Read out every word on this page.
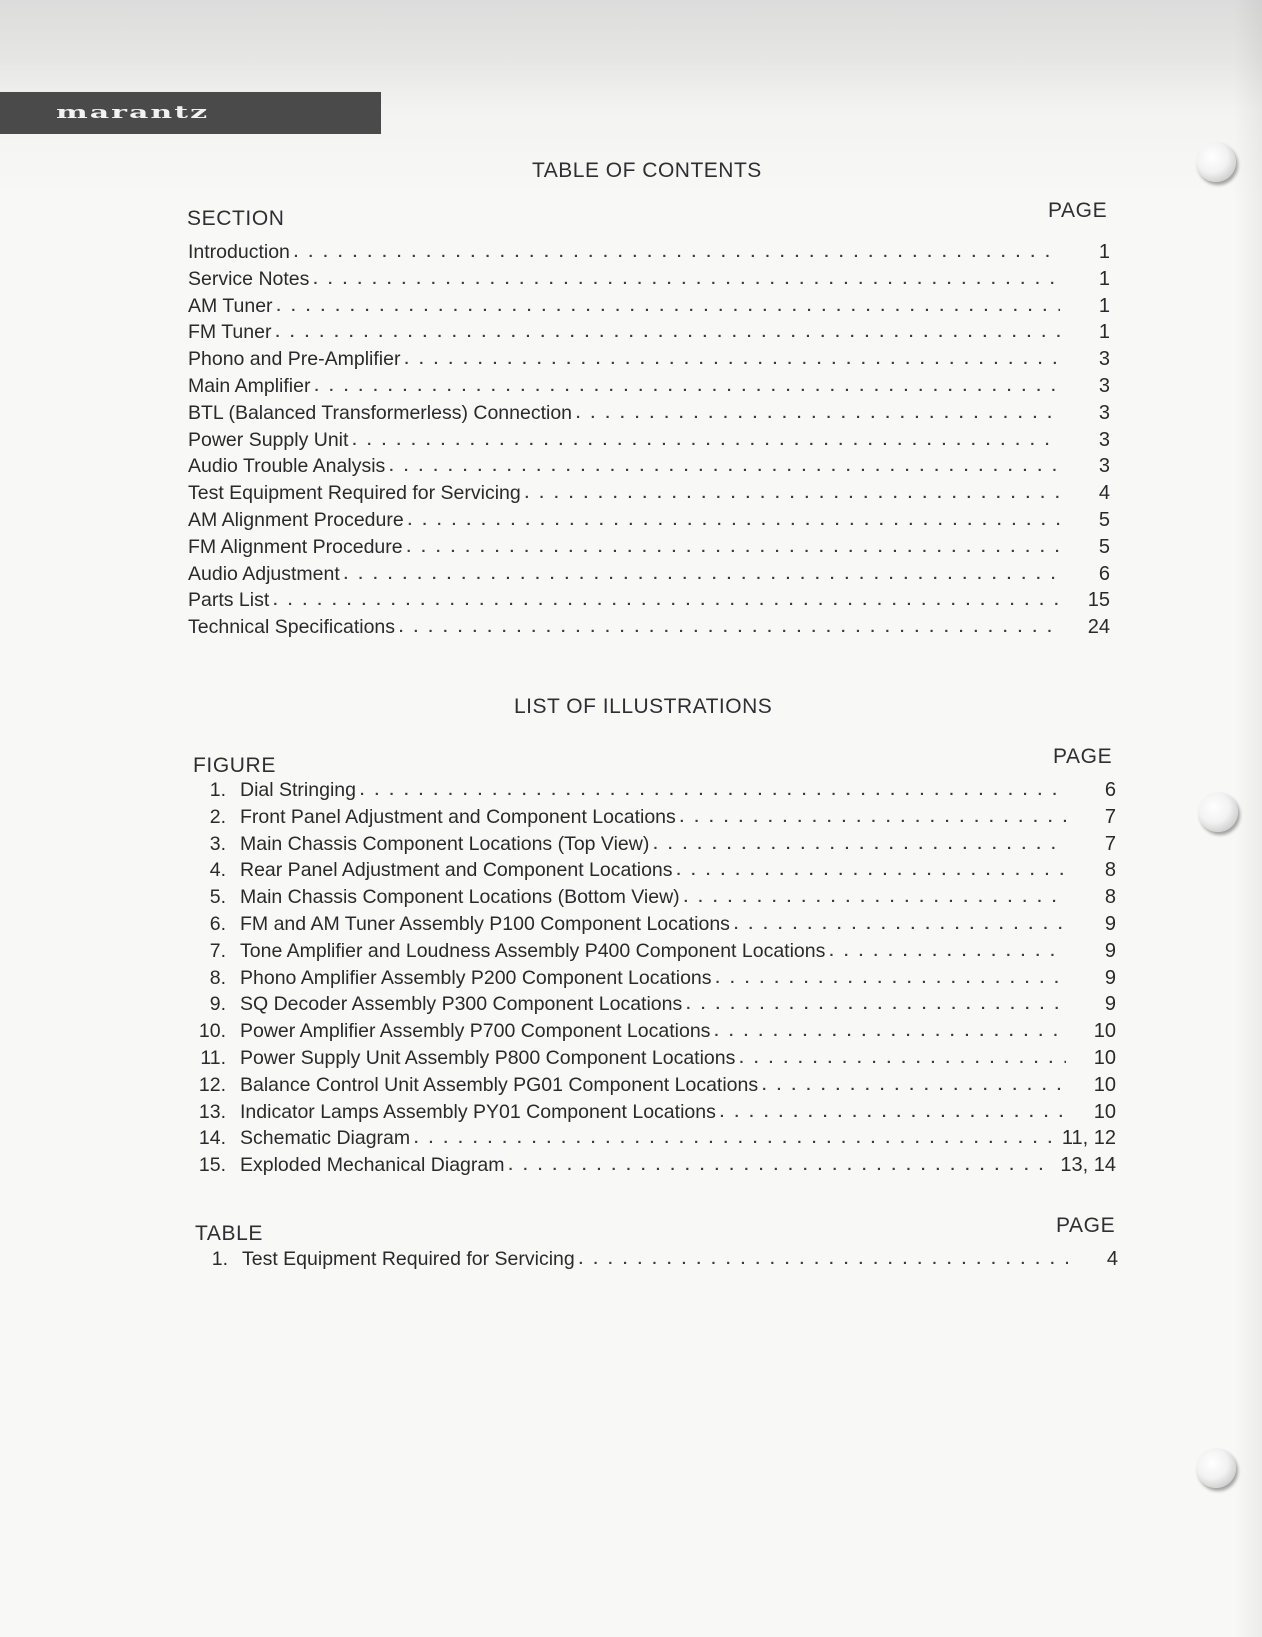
marantz
TABLE OF CONTENTS
SECTION	PAGE
Introduction . . .	1
Service Notes . . .	1
AM Tuner . . .	1
FM Tuner . . .	1
Phono and Pre-Amplifier . . .	3
Main Amplifier . . .	3
BTL (Balanced Transformerless) Connection . . .	3
Power Supply Unit . . .	3
Audio Trouble Analysis . . .	3
Test Equipment Required for Servicing . . .	4
AM Alignment Procedure . . .	5
FM Alignment Procedure . . .	5
Audio Adjustment . . .	6
Parts List . . .	15
Technical Specifications . . .	24
LIST OF ILLUSTRATIONS
FIGURE	PAGE
1. Dial Stringing . . .	6
2. Front Panel Adjustment and Component Locations . . .	7
3. Main Chassis Component Locations (Top View) . . .	7
4. Rear Panel Adjustment and Component Locations . . .	8
5. Main Chassis Component Locations (Bottom View) . . .	8
6. FM and AM Tuner Assembly P100 Component Locations . . .	9
7. Tone Amplifier and Loudness Assembly P400 Component Locations . . .	9
8. Phono Amplifier Assembly P200 Component Locations . . .	9
9. SQ Decoder Assembly P300 Component Locations . . .	9
10. Power Amplifier Assembly P700 Component Locations . . .	10
11. Power Supply Unit Assembly P800 Component Locations . . .	10
12. Balance Control Unit Assembly PG01 Component Locations . . .	10
13. Indicator Lamps Assembly PY01 Component Locations . . .	10
14. Schematic Diagram . . .	11, 12
15. Exploded Mechanical Diagram . . .	13, 14
TABLE	PAGE
1. Test Equipment Required for Servicing . . .	4
